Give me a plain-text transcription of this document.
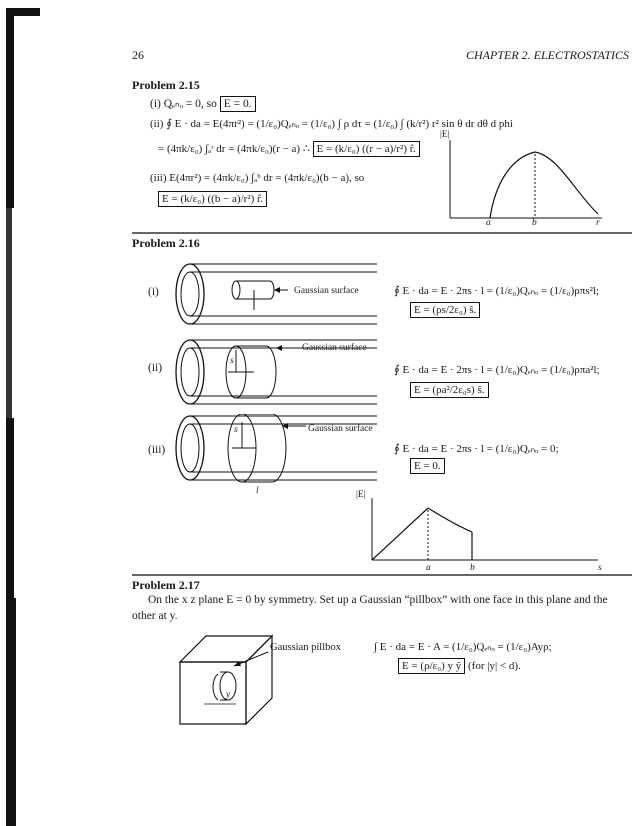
26	CHAPTER 2. ELECTROSTATICS
Problem 2.15
(i) Qₑₙₒ = 0, so E = 0.
(ii) ∮ E · da = E(4πr²) = (1/ε₀)Qₑₙₒ = (1/ε₀) ∫ ρ dτ = (1/ε₀) ∫ (k/r²) r² sin θ dr dθ d phi
= (4πk/ε₀) ∫ₐʳ dr = (4πk/ε₀)(r − a) ∴ E = (k/ε₀) ((r − a)/r²) r̂.
(iii) E(4πr²) = (4πk/ε₀) ∫ₐᵇ dr = (4πk/ε₀)(b − a), so
E = (k/ε₀) ((b − a)/r²) r̂.
|E|
a	b	r
Problem 2.16
(i)
(ii)
(iii)
Gaussian surface
s
Gaussian surface
s	Gaussian surface
l
∮ E · da = E · 2πs · l = (1/ε₀)Qₑₙₒ = (1/ε₀)ρπs²l;
E = (ρs/2ε₀) ŝ.
∮ E · da = E · 2πs · l = (1/ε₀)Qₑₙₒ = (1/ε₀)ρπa²l;
E = (ρa²/2ε₀s) ŝ.
∮ E · da = E · 2πs · l = (1/ε₀)Qₑₙₒ = 0;
E = 0.
|E|
a	b	s
Problem 2.17
On the x z plane E = 0 by symmetry. Set up a Gaussian “pillbox” with one face in this plane and the
other at y.
Gaussian pillbox
y
∫ E · da = E · A = (1/ε₀)Qₑₙₒ = (1/ε₀)Ayρ;
E = (ρ/ε₀) y ŷ (for |y| < d).
